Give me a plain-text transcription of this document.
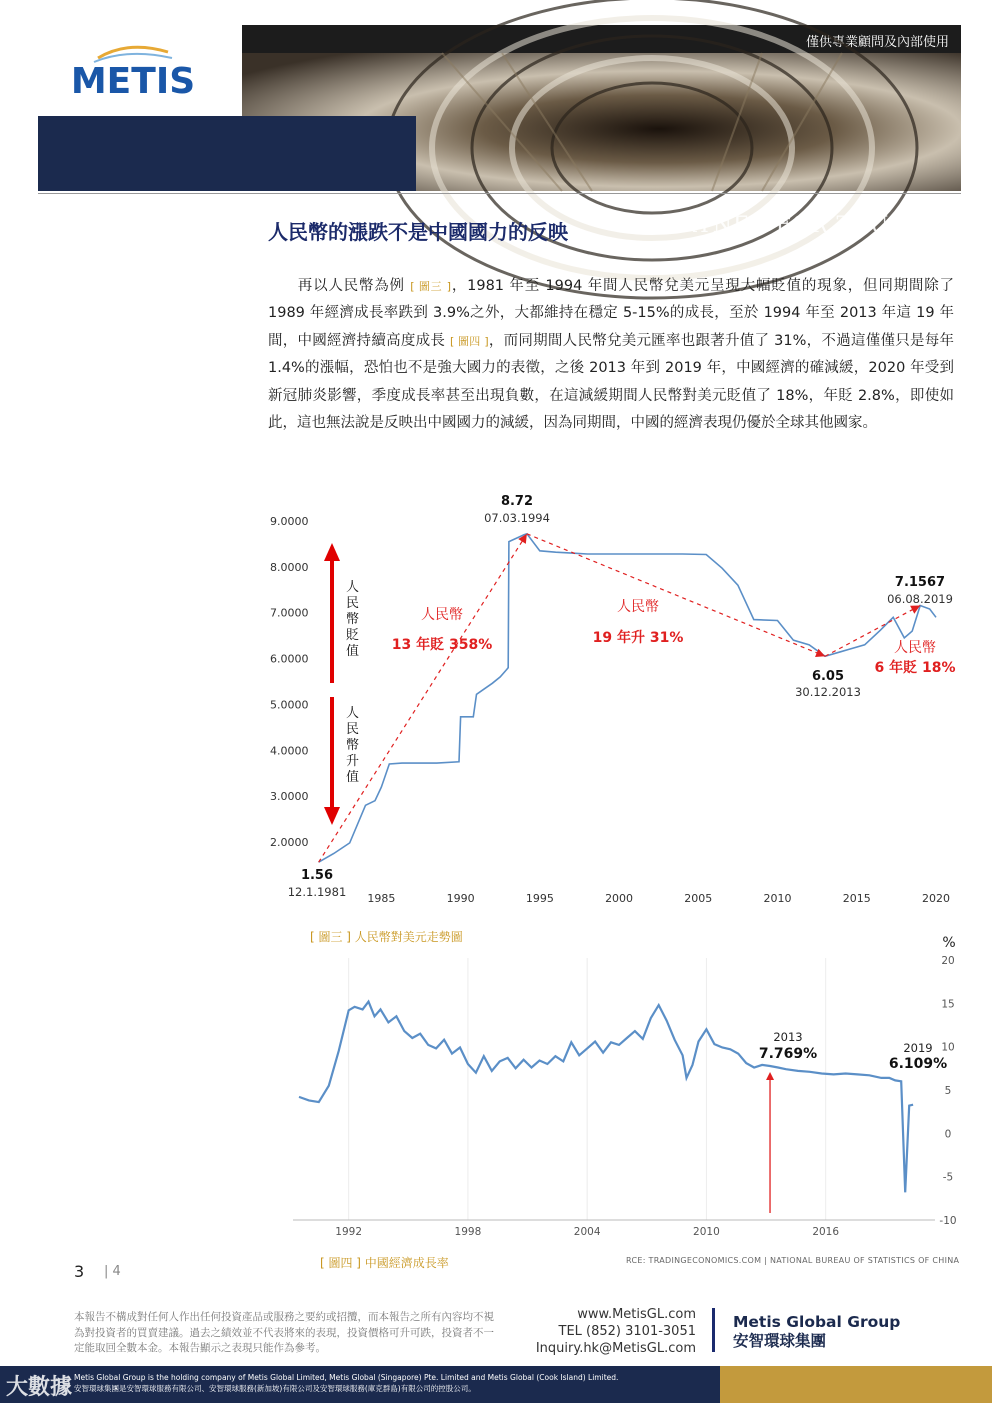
METIS
僅供專業顧問及內部使用
PARTNER FOR TRUST
人民幣的漲跌不是中國國力的反映
再以人民幣為例 [ 圖三 ]，1981 年至 1994 年間人民幣兌美元呈現大幅貶值的現象，但同期間除了 1989 年經濟成長率跌到 3.9%之外，大都維持在穩定 5-15%的成長，至於 1994 年至 2013 年這 19 年間，中國經濟持續高度成長 [ 圖四 ]，而同期間人民幣兌美元匯率也跟著升值了 31%，不過這僅僅只是每年 1.4%的漲幅，恐怕也不是強大國力的表徵，之後 2013 年到 2019 年，中國經濟的確減緩，2020 年受到新冠肺炎影響，季度成長率甚至出現負數，在這減緩期間人民幣對美元貶值了 18%，年貶 2.8%，即使如此，這也無法說是反映出中國國力的減緩，因為同期間，中國的經濟表現仍優於全球其他國家。
9.0000
8.0000
7.0000
6.0000
5.0000
4.0000
3.0000
2.0000
1985	1990	1995	2000	2005	2010	2015	2020
人
民
幣
貶
值
人
民
幣
升
值
人民幣
13 年貶 358%
人民幣
19 年升 31%
人民幣
6 年貶 18%
8.72
07.03.1994
7.1567
06.08.2019
6.05
30.12.2013
1.56
12.1.1981
[ 圖三 ] 人民幣對美元走勢圖	%
20
15
10
5
0
-5
-10
1992	1998	2004	2010	2016
2013
7.769%	2019
6.109%
[ 圖四 ] 中國經濟成長率	RCE: TRADINGECONOMICS.COM | NATIONAL BUREAU OF STATISTICS OF CHINA
3 | 4
本報告不構成對任何人作出任何投資產品或服務之要約或招攬，而本報告之所有內容均不視為對投資者的買賣建議。過去之績效並不代表將來的表現，投資價格可升可跌，投資者不一定能取回全數本金。本報告顯示之表現只能作為參考。
www.MetisGL.com
TEL (852) 3101-3051
Inquiry.hk@MetisGL.com
Metis Global Group
安智環球集團
Metis Global Group is the holding company of Metis Global Limited, Metis Global (Singapore) Pte. Limited and Metis Global (Cook Island) Limited.
安智環球集團是安智環球服務有限公司、安智環球服務(新加坡)有限公司及安智環球服務(庫克群島)有限公司的控股公司。
大數據
